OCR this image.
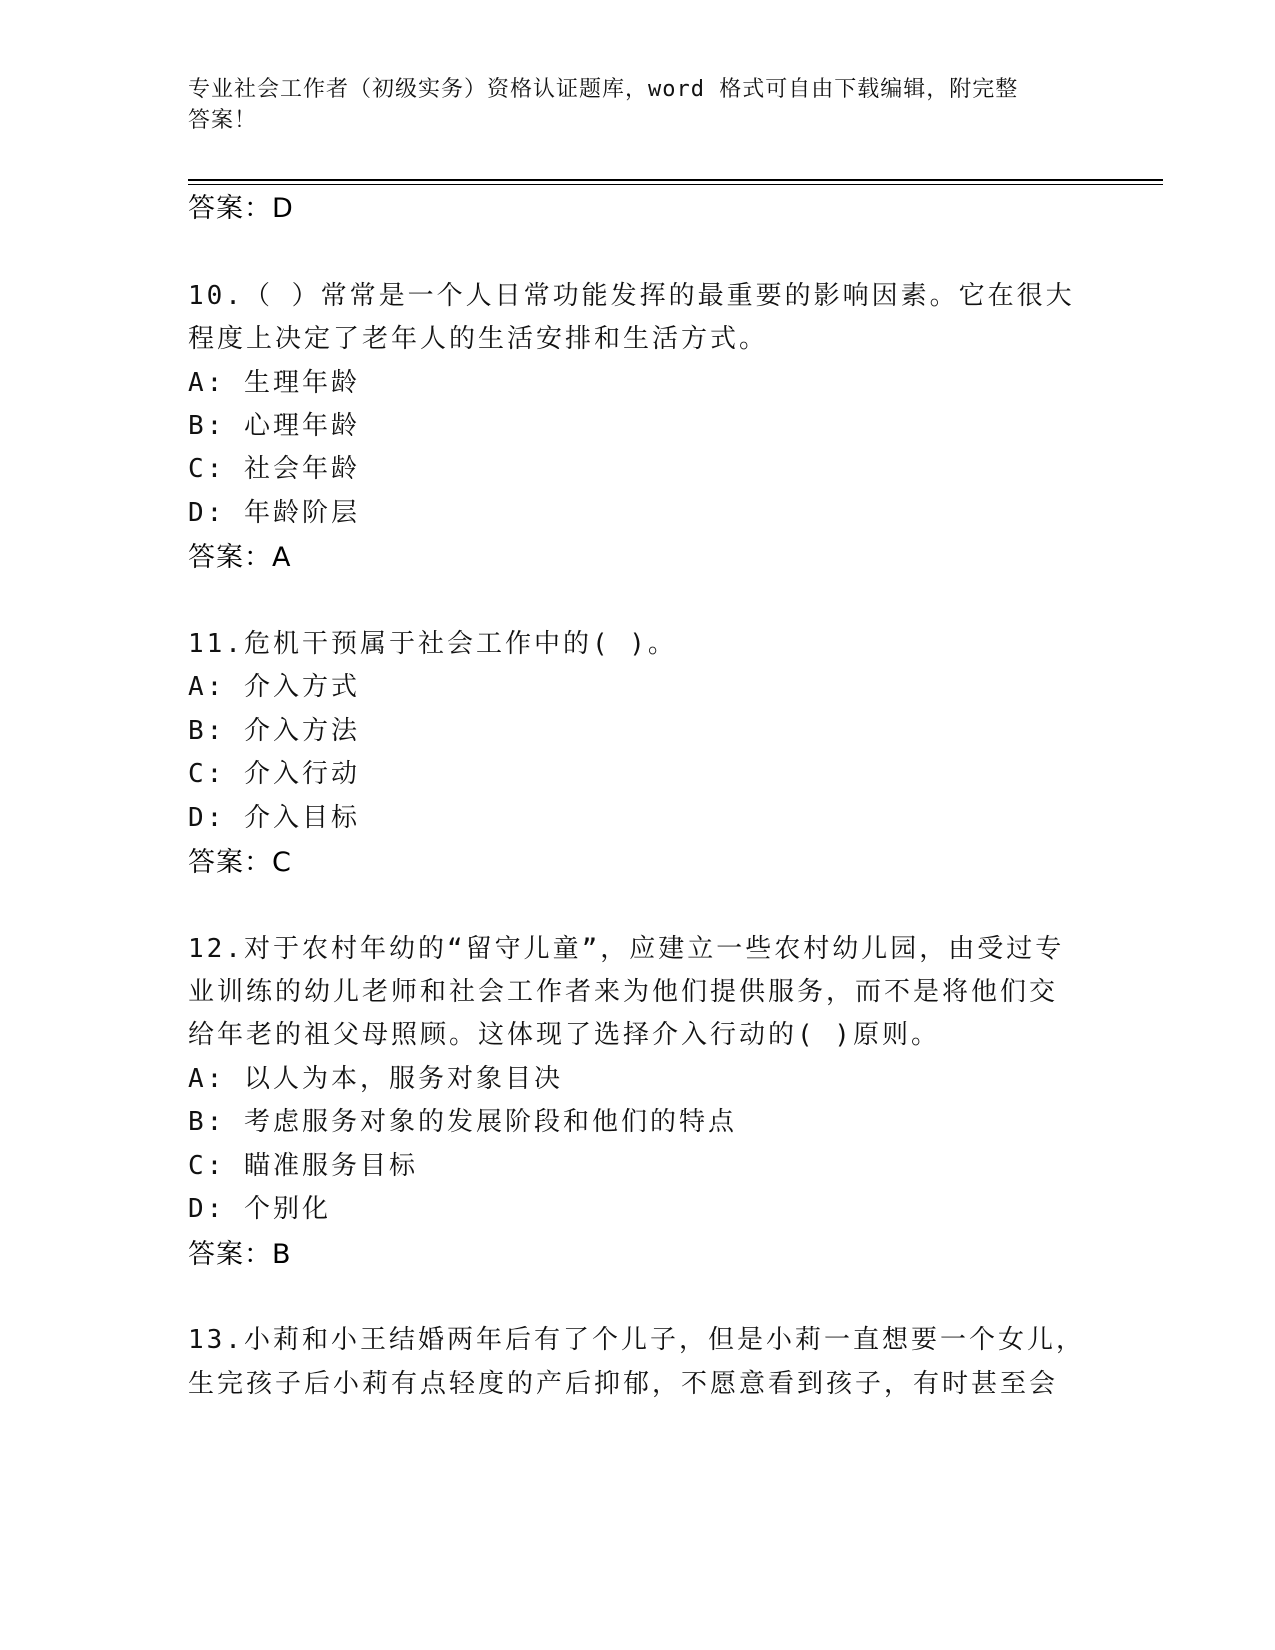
专业社会工作者（初级实务）资格认证题库，word 格式可自由下载编辑，附完整
答案！
答案：D
10.（ ）常常是一个人日常功能发挥的最重要的影响因素。它在很大
程度上决定了老年人的生活安排和生活方式。
A: 生理年龄
B: 心理年龄
C: 社会年龄
D: 年龄阶层
答案：A
11.危机干预属于社会工作中的( )。
A: 介入方式
B: 介入方法
C: 介入行动
D: 介入目标
答案：C
12.对于农村年幼的“留守儿童”，应建立一些农村幼儿园，由受过专
业训练的幼儿老师和社会工作者来为他们提供服务，而不是将他们交
给年老的祖父母照顾。这体现了选择介入行动的( )原则。
A: 以人为本，服务对象目决
B: 考虑服务对象的发展阶段和他们的特点
C: 瞄准服务目标
D: 个别化
答案：B
13.小莉和小王结婚两年后有了个儿子，但是小莉一直想要一个女儿，
生完孩子后小莉有点轻度的产后抑郁，不愿意看到孩子，有时甚至会
